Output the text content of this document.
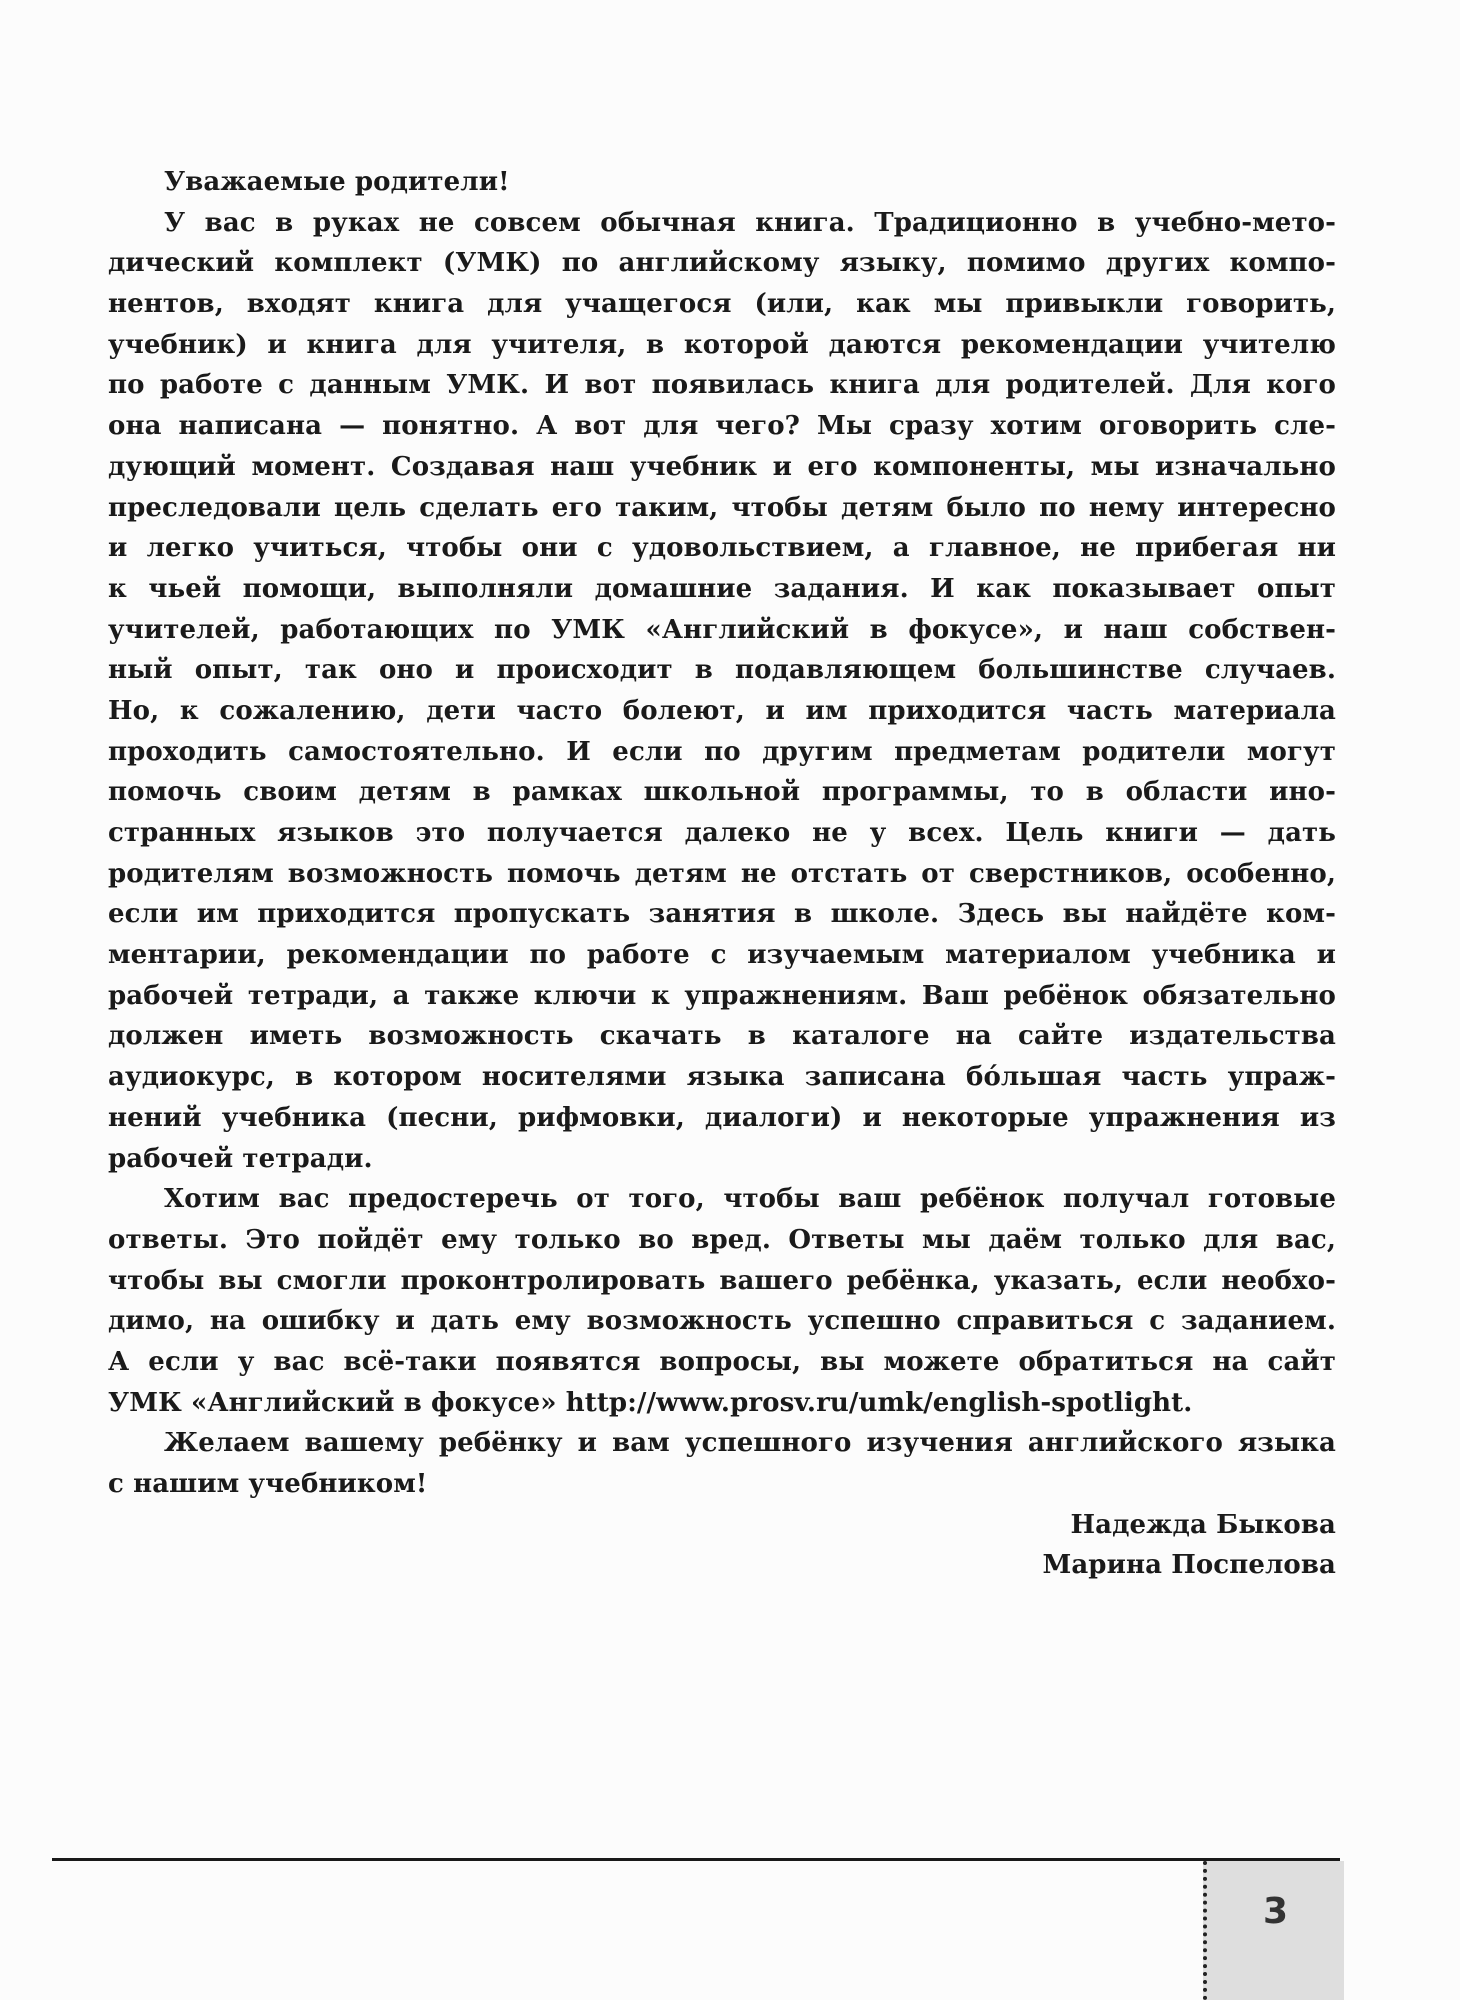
Уважаемые родители!
У вас в руках не совсем обычная книга. Традиционно в учебно-мето-
дический комплект (УМК) по английскому языку, помимо других компо-
нентов, входят книга для учащегося (или, как мы привыкли говорить,
учебник) и книга для учителя, в которой даются рекомендации учителю
по работе с данным УМК. И вот появилась книга для родителей. Для кого
она написана — понятно. А вот для чего? Мы сразу хотим оговорить сле-
дующий момент. Создавая наш учебник и его компоненты, мы изначально
преследовали цель сделать его таким, чтобы детям было по нему интересно
и легко учиться, чтобы они с удовольствием, а главное, не прибегая ни
к чьей помощи, выполняли домашние задания. И как показывает опыт
учителей, работающих по УМК «Английский в фокусе», и наш собствен-
ный опыт, так оно и происходит в подавляющем большинстве случаев.
Но, к сожалению, дети часто болеют, и им приходится часть материала
проходить самостоятельно. И если по другим предметам родители могут
помочь своим детям в рамках школьной программы, то в области ино-
странных языков это получается далеко не у всех. Цель книги — дать
родителям возможность помочь детям не отстать от сверстников, особенно,
если им приходится пропускать занятия в школе. Здесь вы найдёте ком-
ментарии, рекомендации по работе с изучаемым материалом учебника и
рабочей тетради, а также ключи к упражнениям. Ваш ребёнок обязательно
должен иметь возможность скачать в каталоге на сайте издательства
аудиокурс, в котором носителями языка записана бóльшая часть упраж-
нений учебника (песни, рифмовки, диалоги) и некоторые упражнения из
рабочей тетради.
Хотим вас предостеречь от того, чтобы ваш ребёнок получал готовые
ответы. Это пойдёт ему только во вред. Ответы мы даём только для вас,
чтобы вы смогли проконтролировать вашего ребёнка, указать, если необхо-
димо, на ошибку и дать ему возможность успешно справиться с заданием.
А если у вас всё-таки появятся вопросы, вы можете обратиться на сайт
УМК «Английский в фокусе» http://www.prosv.ru/umk/english-spotlight.
Желаем вашему ребёнку и вам успешного изучения английского языка
с нашим учебником!
Надежда Быкова
Марина Поспелова
3
